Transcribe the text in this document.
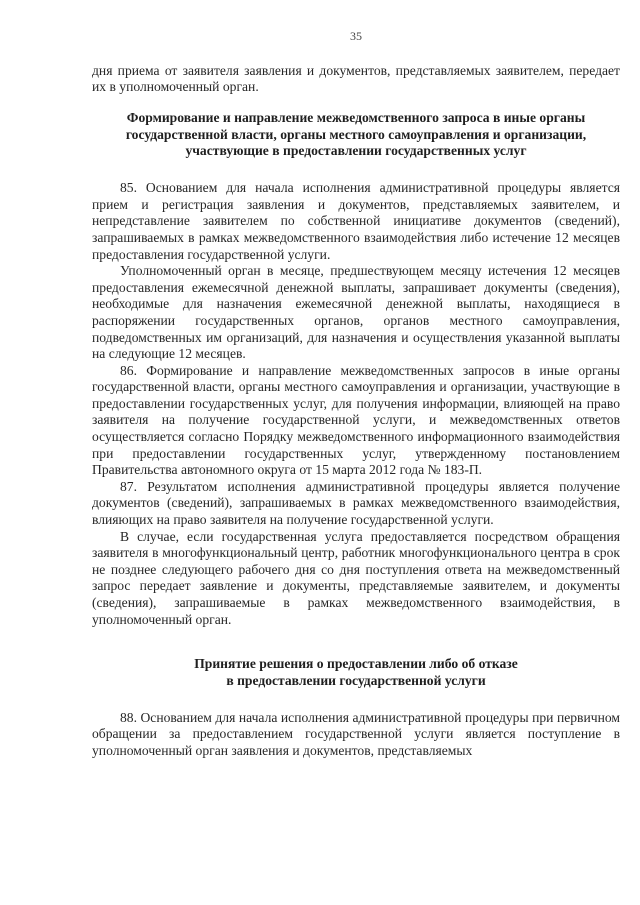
35

дня приема от заявителя заявления и документов, представляемых заявителем, передает их в уполномоченный орган.

Формирование и направление межведомственного запроса в иные органы
государственной власти, органы местного самоуправления и организации,
участвующие в предоставлении государственных услуг

85. Основанием для начала исполнения административной процедуры является прием и регистрация заявления и документов, представляемых заявителем, и непредставление заявителем по собственной инициативе документов (сведений), запрашиваемых в рамках межведомственного взаимодействия либо истечение 12 месяцев предоставления государственной услуги.

Уполномоченный орган в месяце, предшествующем месяцу истечения 12 месяцев предоставления ежемесячной денежной выплаты, запрашивает документы (сведения), необходимые для назначения ежемесячной денежной выплаты, находящиеся в распоряжении государственных органов, органов местного самоуправления, подведомственных им организаций, для назначения и осуществления указанной выплаты на следующие 12 месяцев.

86. Формирование и направление межведомственных запросов в иные органы государственной власти, органы местного самоуправления и организации, участвующие в предоставлении государственных услуг, для получения информации, влияющей на право заявителя на получение государственной услуги, и межведомственных ответов осуществляется согласно Порядку межведомственного информационного взаимодействия при предоставлении государственных услуг, утвержденному постановлением Правительства автономного округа от 15 марта 2012 года № 183-П.

87. Результатом исполнения административной процедуры является получение документов (сведений), запрашиваемых в рамках межведомственного взаимодействия, влияющих на право заявителя на получение государственной услуги.

В случае, если государственная услуга предоставляется посредством обращения заявителя в многофункциональный центр, работник многофункционального центра в срок не позднее следующего рабочего дня со дня поступления ответа на межведомственный запрос передает заявление и документы, представляемые заявителем, и документы (сведения), запрашиваемые в рамках межведомственного взаимодействия, в уполномоченный орган.

Принятие решения о предоставлении либо об отказе
в предоставлении государственной услуги

88. Основанием для начала исполнения административной процедуры при первичном обращении за предоставлением государственной услуги является поступление в уполномоченный орган заявления и документов, представляемых
